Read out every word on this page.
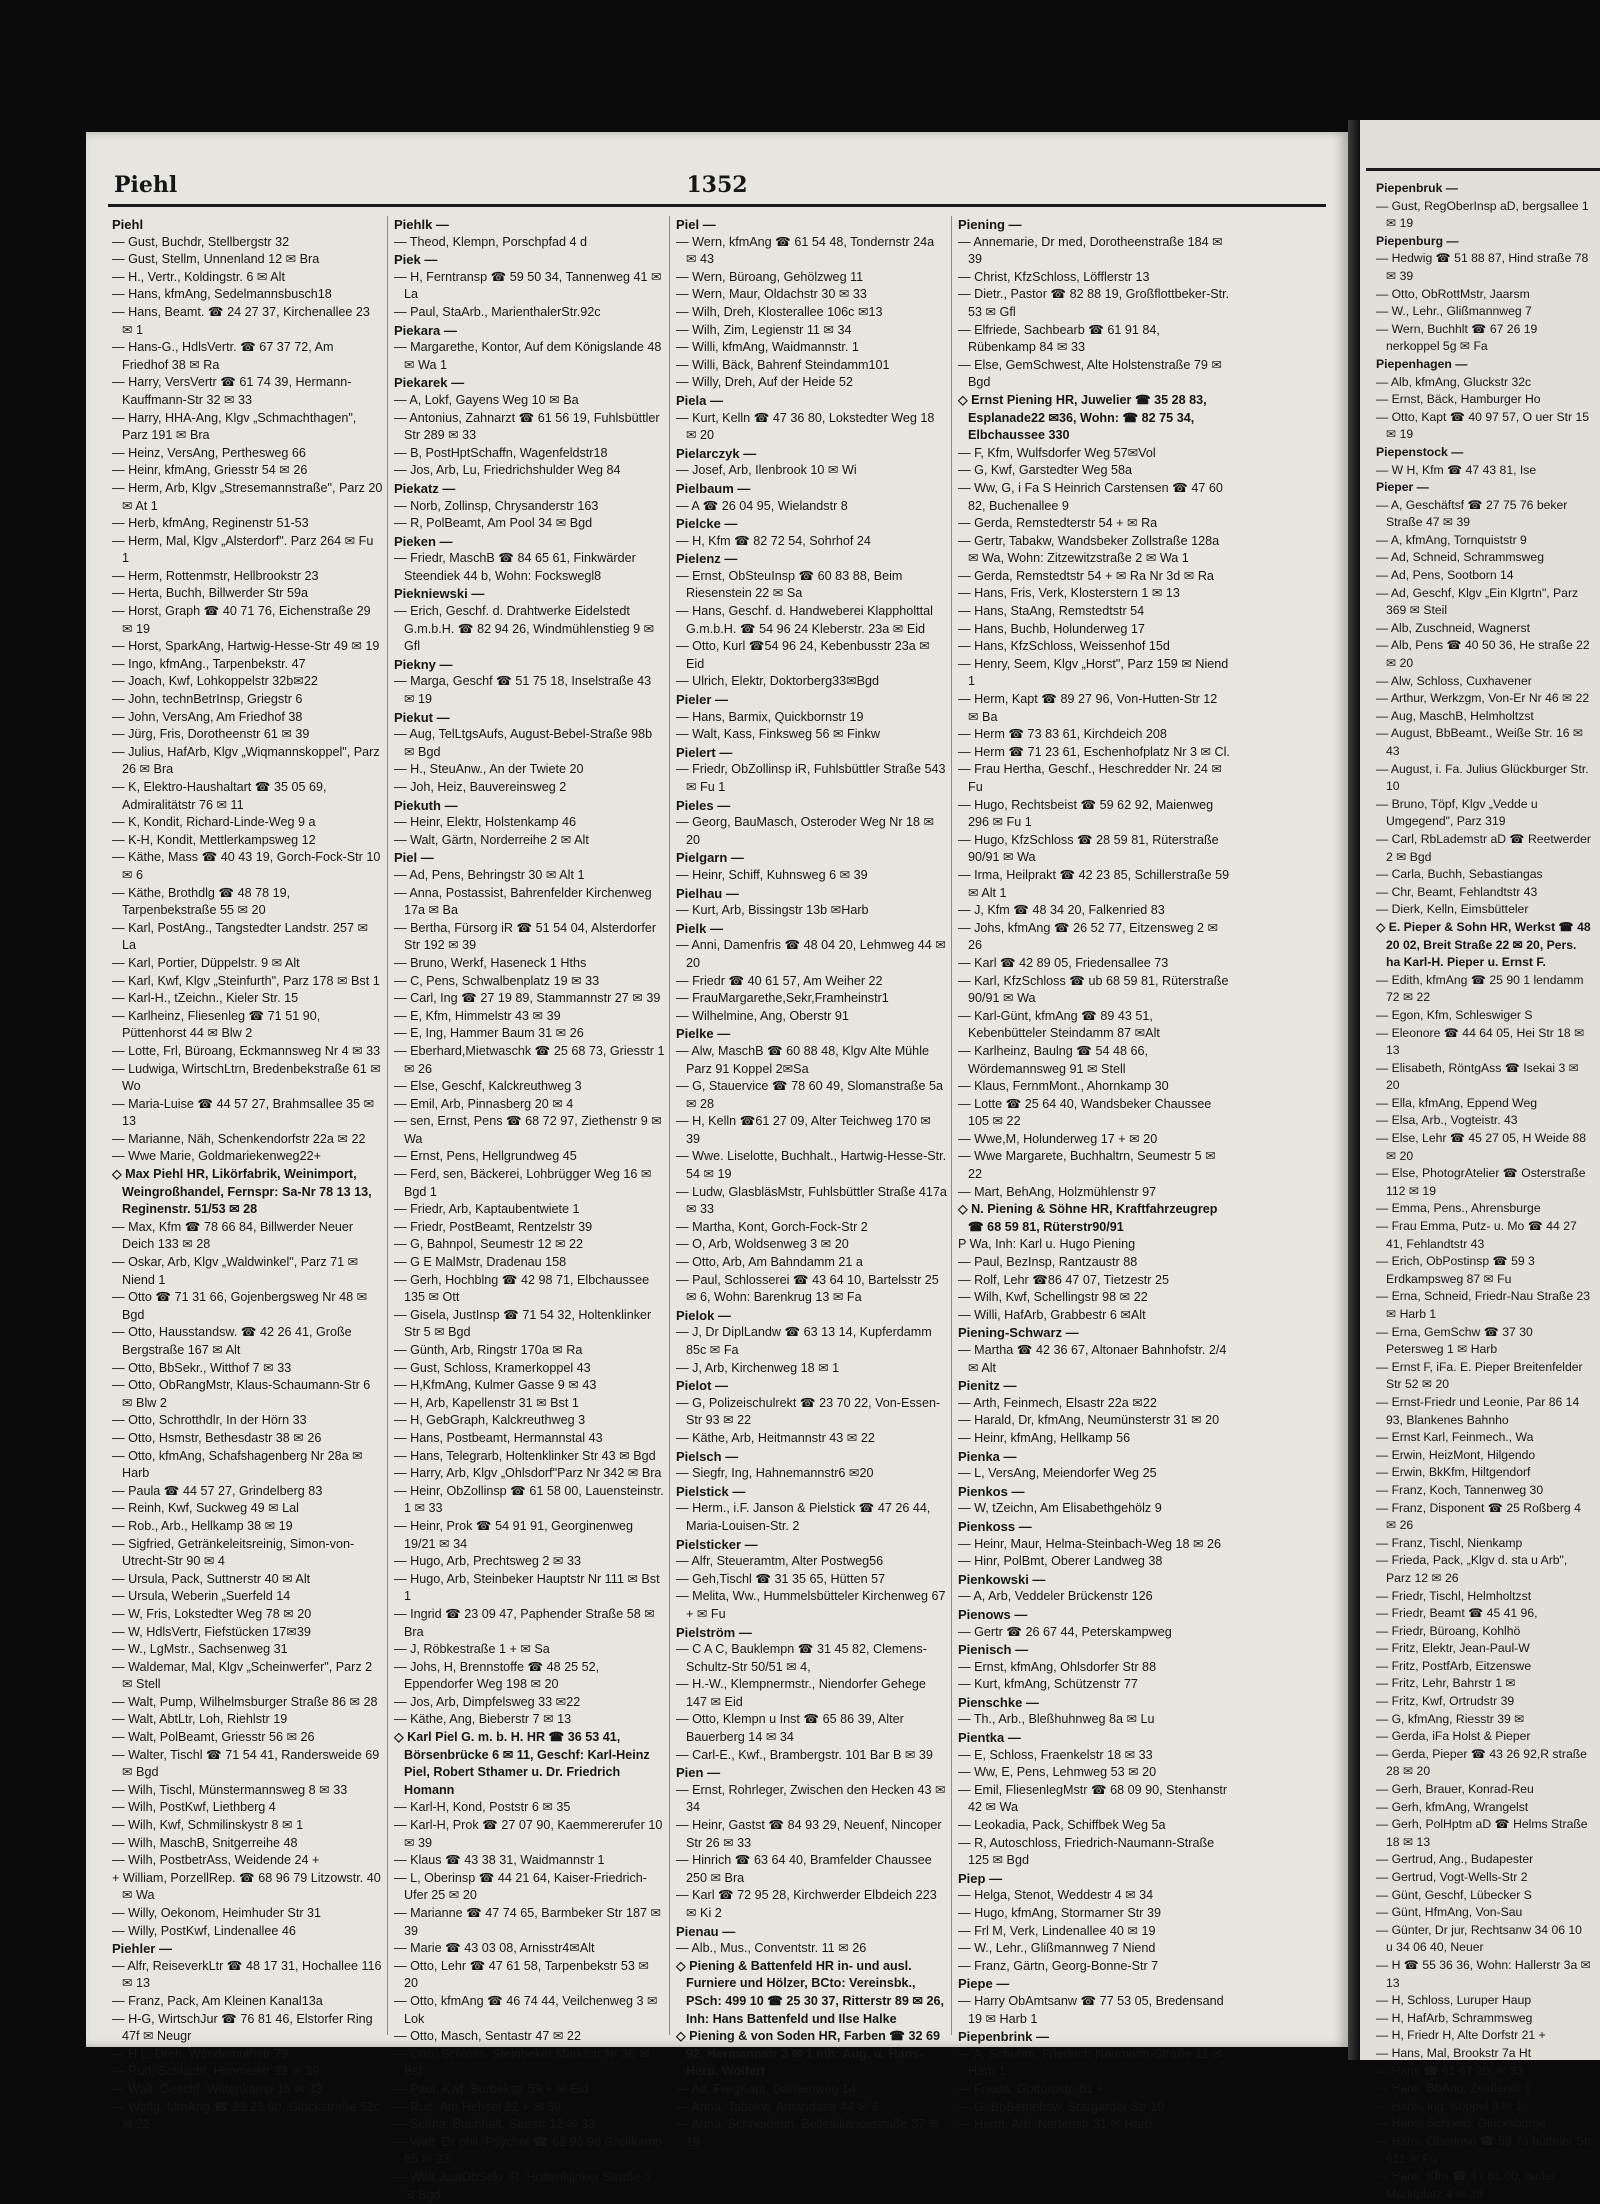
Piehl	1352

Piehl

— Gust, Buchdr, Stellbergstr 32

— Gust, Stellm, Unnenland 12 ✉ Bra

— H., Vertr., Koldingstr. 6 ✉ Alt

— Hans, kfmAng, Sedelmannsbusch18

— Hans, Beamt. ☎ 24 27 37, Kirchenallee 23 ✉ 1

— Hans-G., HdlsVertr. ☎ 67 37 72, Am Friedhof 38 ✉ Ra

— Harry, VersVertr ☎ 61 74 39, Hermann-Kauffmann-Str 32 ✉ 33

— Harry, HHA-Ang, Klgv „Schmachthagen", Parz 191 ✉ Bra

— Heinz, VersAng, Perthesweg 66

— Heinr, kfmAng, Griesstr 54 ✉ 26

— Herm, Arb, Klgv „Stresemannstraße", Parz 20 ✉ At 1

— Herb, kfmAng, Reginenstr 51-53

— Herm, Mal, Klgv „Alsterdorf". Parz 264 ✉ Fu 1

— Herm, Rottenmstr, Hellbrookstr 23

— Herta, Buchh, Billwerder Str 59a

— Horst, Graph ☎ 40 71 76, Eichenstraße 29 ✉ 19

— Horst, SparkAng, Hartwig-Hesse-Str 49 ✉ 19

— Ingo, kfmAng., Tarpenbekstr. 47

— Joach, Kwf, Lohkoppelstr 32b✉22

— John, technBetrInsp, Griegstr 6

— John, VersAng, Am Friedhof 38

— Jürg, Fris, Dorotheenstr 61 ✉ 39

— Julius, HafArb, Klgv „Wiqmannskoppel", Parz 26 ✉ Bra

— K, Elektro-Haushaltart ☎ 35 05 69, Admiralitätstr 76 ✉ 11

— K, Kondit, Richard-Linde-Weg 9 a

— K-H, Kondit, Mettlerkampsweg 12

— Käthe, Mass ☎ 40 43 19, Gorch-Fock-Str 10 ✉ 6

— Käthe, Brothdlg ☎ 48 78 19, Tarpenbekstraße 55 ✉ 20

— Karl, PostAng., Tangstedter Landstr. 257 ✉ La

— Karl, Portier, Düppelstr. 9 ✉ Alt

— Karl, Kwf, Klgv „Steinfurth", Parz 178 ✉ Bst 1

— Karl-H., tZeichn., Kieler Str. 15

— Karlheinz, Fliesenleg ☎ 71 51 90, Püttenhorst 44 ✉ Blw 2

— Lotte, Frl, Büroang, Eckmannsweg Nr 4 ✉ 33

— Ludwiga, WirtschLtrn, Bredenbekstraße 61 ✉ Wo

— Maria-Luise ☎ 44 57 27, Brahmsallee 35 ✉ 13

— Marianne, Näh, Schenkendorfstr 22a ✉ 22

— Wwe Marie, Goldmariekenweg22+

◇ Max Piehl HR, Likörfabrik, Weinimport, Weingroßhandel, Fernspr: Sa-Nr 78 13 13, Reginenstr. 51/53 ✉ 28

— Max, Kfm ☎ 78 66 84, Billwerder Neuer Deich 133 ✉ 28

— Oskar, Arb, Klgv „Waldwinkel", Parz 71 ✉ Niend 1

— Otto ☎ 71 31 66, Gojenbergsweg Nr 48 ✉ Bgd

— Otto, Hausstandsw. ☎ 42 26 41, Große Bergstraße 167 ✉ Alt

— Otto, BbSekr., Witthof 7 ✉ 33

— Otto, ObRangMstr, Klaus-Schaumann-Str 6 ✉ Blw 2

— Otto, Schrotthdlr, In der Hörn 33

— Otto, Hsmstr, Bethesdastr 38 ✉ 26

— Otto, kfmAng, Schafshagenberg Nr 28a ✉ Harb

— Paula ☎ 44 57 27, Grindelberg 83

— Reinh, Kwf, Suckweg 49 ✉ Lal

— Rob., Arb., Hellkamp 38 ✉ 19

— Sigfried, Getränkeleitsreinig, Simon-von-Utrecht-Str 90 ✉ 4

— Ursula, Pack, Suttnerstr 40 ✉ Alt

— Ursula, Weberin „Suerfeld 14

— W, Fris, Lokstedter Weg 78 ✉ 20

— W, HdlsVertr, Fiefstücken 17✉39

— W., LgMstr., Sachsenweg 31

— Waldemar, Mal, Klgv „Scheinwerfer", Parz 2 ✉ Stell

— Walt, Pump, Wilhelmsburger Straße 86 ✉ 28

— Walt, AbtLtr, Loh, Riehlstr 19

— Walt, PolBeamt, Griesstr 56 ✉ 26

— Walter, Tischl ☎ 71 54 41, Randersweide 69 ✉ Bgd

— Wilh, Tischl, Münstermannsweg 8 ✉ 33

— Wilh, PostKwf, Liethberg 4

— Wilh, Kwf, Schmilinskystr 8 ✉ 1

— Wilh, MaschB, Snitgerreihe 48

— Wilh, PostbetrAss, Weidende 24 +

+ William, PorzellRep. ☎ 68 96 79 Litzowstr. 40 ✉ Wa

— Willy, Oekonom, Heimhuder Str 31

— Willy, PostKwf, Lindenallee 46

Piehler —

— Alfr, ReiseverkLtr ☎ 48 17 31, Hochallee 116 ✉ 13

— Franz, Pack, Am Kleinen Kanal13a

— H-G, WirtschJur ☎ 76 81 46, Elstorfer Ring 47f ✉ Neugr

— H L, Dreh, Wendemuthstr 79

— Rud, Schlacht, Himmelstr 33 ✉ 39

— Walt, Geschf, Wittenkamp 18 ✉ 33

— Wolfg, kfmAng ☎ 22 23 90, Gluckstraße 52c ✉ 22

Piehlk —

— Theod, Klempn, Porschpfad 4 d

Piek —

— H, Ferntransp ☎ 59 50 34, Tannenweg 41 ✉ La

— Paul, StaArb., MarienthalerStr.92c

Piekara —

— Margarethe, Kontor, Auf dem Königslande 48 ✉ Wa 1

Piekarek —

— A, Lokf, Gayens Weg 10 ✉ Ba

— Antonius, Zahnarzt ☎ 61 56 19, Fuhlsbüttler Str 289 ✉ 33

— B, PostHptSchaffn, Wagenfeldstr18

— Jos, Arb, Lu, Friedrichshulder Weg 84

Piekatz —

— Norb, Zollinsp, Chrysanderstr 163

— R, PolBeamt, Am Pool 34 ✉ Bgd

Pieken —

— Friedr, MaschB ☎ 84 65 61, Finkwärder Steendiek 44 b, Wohn: Fockswegl8

Piekniewski —

— Erich, Geschf. d. Drahtwerke Eidelstedt G.m.b.H. ☎ 82 94 26, Windmühlenstieg 9 ✉ Gfl

Piekny —

— Marga, Geschf ☎ 51 75 18, Inselstraße 43 ✉ 19

Piekut —

— Aug, TelLtgsAufs, August-Bebel-Straße 98b ✉ Bgd

— H., SteuAnw., An der Twiete 20

— Joh, Heiz, Bauvereinsweg 2

Piekuth —

— Heinr, Elektr, Holstenkamp 46

— Walt, Gärtn, Norderreihe 2 ✉ Alt

Piel —

— Ad, Pens, Behringstr 30 ✉ Alt 1

— Anna, Postassist, Bahrenfelder Kirchenweg 17a ✉ Ba

— Bertha, Fürsorg iR ☎ 51 54 04, Alsterdorfer Str 192 ✉ 39

— Bruno, Werkf, Haseneck 1 Hths

— C, Pens, Schwalbenplatz 19 ✉ 33

— Carl, Ing ☎ 27 19 89, Stammannstr 27 ✉ 39

— E, Kfm, Himmelstr 43 ✉ 39

— E, Ing, Hammer Baum 31 ✉ 26

— Eberhard,Mietwaschk ☎ 25 68 73, Griesstr 1 ✉ 26

— Else, Geschf, Kalckreuthweg 3

— Emil, Arb, Pinnasberg 20 ✉ 4

— sen, Ernst, Pens ☎ 68 72 97, Ziethenstr 9 ✉ Wa

— Ernst, Pens, Hellgrundweg 45

— Ferd, sen, Bäckerei, Lohbrügger Weg 16 ✉ Bgd 1

— Friedr, Arb, Kaptaubentwiete 1

— Friedr, PostBeamt, Rentzelstr 39

— G, Bahnpol, Seumestr 12 ✉ 22

— G E MalMstr, Dradenau 158

— Gerh, Hochblng ☎ 42 98 71, Elbchaussee 135 ✉ Ott

— Gisela, JustInsp ☎ 71 54 32, Holtenklinker Str 5 ✉ Bgd

— Günth, Arb, Ringstr 170a ✉ Ra

— Gust, Schloss, Kramerkoppel 43

— H,KfmAng, Kulmer Gasse 9 ✉ 43

— H, Arb, Kapellenstr 31 ✉ Bst 1

— H, GebGraph, Kalckreuthweg 3

— Hans, Postbeamt, Hermannstal 43

— Hans, Telegrarb, Holtenklinker Str 43 ✉ Bgd

— Harry, Arb, Klgv „Ohlsdorf"Parz Nr 342 ✉ Bra

— Heinr, ObZollinsp ☎ 61 58 00, Lauensteinstr. 1 ✉ 33

— Heinr, Prok ☎ 54 91 91, Georginenweg 19/21 ✉ 34

— Hugo, Arb, Prechtsweg 2 ✉ 33

— Hugo, Arb, Steinbeker Hauptstr Nr 111 ✉ Bst 1

— Ingrid ☎ 23 09 47, Paphender Straße 58 ✉ Bra

— J, Röbkestraße 1 + ✉ Sa

— Johs, H, Brennstoffe ☎ 48 25 52, Eppendorfer Weg 198 ✉ 20

— Jos, Arb, Dimpfelsweg 33 ✉22

— Käthe, Ang, Bieberstr 7 ✉ 13

◇ Karl Piel G. m. b. H. HR ☎ 36 53 41, Börsenbrücke 6 ✉ 11, Geschf: Karl-Heinz Piel, Robert Sthamer u. Dr. Friedrich Homann

— Karl-H, Kond, Poststr 6 ✉ 35

— Karl-H, Prok ☎ 27 07 90, Kaemmererufer 10 ✉ 39

— Klaus ☎ 43 38 31, Waidmannstr 1

— L, Oberinsp ☎ 44 21 64, Kaiser-Friedrich-Ufer 25 ✉ 20

— Marianne ☎ 47 74 65, Barmbeker Str 187 ✉ 39

— Marie ☎ 43 03 08, Arnisstr4✉Alt

— Otto, Lehr ☎ 47 61 58, Tarpenbekstr 53 ✉ 20

— Otto, kfmAng ☎ 46 74 44, Veilchenweg 3 ✉ Lok

— Otto, Masch, Sentastr 47 ✉ 22

— Otto, Schloss, Steinbeker Marktstr Nr 36 ✉ Bst

— Paul, Kwf, Burbekstr 59 + ✉ Eid

— Rud, Am Hehsel 22 + ✉ 39

— Selma, Buchhalt, Starstr 12 ✉ 33

— Walt, Dr phil, Psychol ☎ 61 96 96 Grellkamp 65 ✉ 33

— Walt,JustObSekr iR, Holtenklinker Straße 5 ✉ Bgd

Piel —

— Wern, kfmAng ☎ 61 54 48, Tondernstr 24a ✉ 43

— Wern, Büroang, Gehölzweg 11

— Wern, Maur, Oldachstr 30 ✉ 33

— Wilh, Dreh, Klosterallee 106c ✉13

— Wilh, Zim, Legienstr 11 ✉ 34

— Willi, kfmAng, Waidmannstr. 1

— Willi, Bäck, Bahrenf Steindamm101

— Willy, Dreh, Auf der Heide 52

Piela —

— Kurt, Kelln ☎ 47 36 80, Lokstedter Weg 18 ✉ 20

Pielarczyk —

— Josef, Arb, Ilenbrook 10 ✉ Wi

Pielbaum —

— A ☎ 26 04 95, Wielandstr 8

Pielcke —

— H, Kfm ☎ 82 72 54, Sohrhof 24

Pielenz —

— Ernst, ObSteuInsp ☎ 60 83 88, Beim Riesenstein 22 ✉ Sa

— Hans, Geschf. d. Handweberei Klappholttal G.m.b.H. ☎ 54 96 24 Kleberstr. 23a ✉ Eid

— Otto, Kurl ☎54 96 24, Kebenbusstr 23a ✉ Eid

— Ulrich, Elektr, Doktorberg33✉Bgd

Pieler —

— Hans, Barmix, Quickbornstr 19

— Walt, Kass, Finksweg 56 ✉ Finkw

Pielert —

— Friedr, ObZollinsp iR, Fuhlsbüttler Straße 543 ✉ Fu 1

Pieles —

— Georg, BauMasch, Osteroder Weg Nr 18 ✉ 20

Pielgarn —

— Heinr, Schiff, Kuhnsweg 6 ✉ 39

Pielhau —

— Kurt, Arb, Bissingstr 13b ✉Harb

Pielk —

— Anni, Damenfris ☎ 48 04 20, Lehmweg 44 ✉ 20

— Friedr ☎ 40 61 57, Am Weiher 22

— FrauMargarethe,Sekr,Framheinstr1

— Wilhelmine, Ang, Oberstr 91

Pielke —

— Alw, MaschB ☎ 60 88 48, Klgv Alte Mühle Parz 91 Koppel 2✉Sa

— G, Stauervice ☎ 78 60 49, Slomanstraße 5a ✉ 28

— H, Kelln ☎61 27 09, Alter Teichweg 170 ✉ 39

— Wwe. Liselotte, Buchhalt., Hartwig-Hesse-Str. 54 ✉ 19

— Ludw, GlasbläsMstr, Fuhlsbüttler Straße 417a ✉ 33

— Martha, Kont, Gorch-Fock-Str 2

— O, Arb, Woldsenweg 3 ✉ 20

— Otto, Arb, Am Bahndamm 21 a

— Paul, Schlosserei ☎ 43 64 10, Bartelsstr 25 ✉ 6, Wohn: Barenkrug 13 ✉ Fa

Pielok —

— J, Dr DiplLandw ☎ 63 13 14, Kupferdamm 85c ✉ Fa

— J, Arb, Kirchenweg 18 ✉ 1

Pielot —

— G, Polizeischulrekt ☎ 23 70 22, Von-Essen-Str 93 ✉ 22

— Käthe, Arb, Heitmannstr 43 ✉ 22

Pielsch —

— Siegfr, Ing, Hahnemannstr6 ✉20

Pielstick —

— Herm., i.F. Janson & Pielstick ☎ 47 26 44, Maria-Louisen-Str. 2

Pielsticker —

— Alfr, Steueramtm, Alter Postweg56

— Geh,Tischl ☎ 31 35 65, Hütten 57

— Melita, Ww., Hummelsbütteler Kirchenweg 67 + ✉ Fu

Pielström —

— C A C, Bauklempn ☎ 31 45 82, Clemens-Schultz-Str 50/51 ✉ 4,

— H.-W., Klempnermstr., Niendorfer Gehege 147 ✉ Eid

— Otto, Klempn u Inst ☎ 65 86 39, Alter Bauerberg 14 ✉ 34

— Carl-E., Kwf., Brambergstr. 101 Bar B ✉ 39

Pien —

— Ernst, Rohrleger, Zwischen den Hecken 43 ✉ 34

— Heinr, Gastst ☎ 84 93 29, Neuenf, Nincoper Str 26 ✉ 33

— Hinrich ☎ 63 64 40, Bramfelder Chaussee 250 ✉ Bra

— Karl ☎ 72 95 28, Kirchwerder Elbdeich 223 ✉ Ki 2

Pienau —

— Alb., Mus., Conventstr. 11 ✉ 26

◇ Piening & Battenfeld HR in- und ausl. Furniere und Hölzer, BCto: Vereinsbk., PSch: 499 10 ☎ 25 30 37, Ritterstr 89 ✉ 26, Inh: Hans Battenfeld und Ilse Halke

◇ Piening & von Soden HR, Farben ☎ 32 69 92, Hermannstr 3 ✉ 1 Inh: Aug. u. Hans-Herb. Wölfert

— Ad, FregKapt, Dahlienweg 14

— Anna, Tabakw. Amandastr 44 ✉ 6

— Anna, Schneiderin, Bellealliancestraße 37 ✉ 19

Piening —

— Annemarie, Dr med, Dorotheenstraße 184 ✉ 39

— Christ, KfzSchloss, Löfflerstr 13

— Dietr., Pastor ☎ 82 88 19, Großflottbeker-Str. 53 ✉ Gfl

— Elfriede, Sachbearb ☎ 61 91 84, Rübenkamp 84 ✉ 33

— Else, GemSchwest, Alte Holstenstraße 79 ✉ Bgd

◇ Ernst Piening HR, Juwelier ☎ 35 28 83, Esplanade22 ✉36, Wohn: ☎ 82 75 34, Elbchaussee 330

— F, Kfm, Wulfsdorfer Weg 57✉Vol

— G, Kwf, Garstedter Weg 58a

— Ww, G, i Fa S Heinrich Carstensen ☎ 47 60 82, Buchenallee 9

— Gerda, Remstedterstr 54 + ✉ Ra

— Gertr, Tabakw, Wandsbeker Zollstraße 128a ✉ Wa, Wohn: Zitzewitzstraße 2 ✉ Wa 1

— Gerda, Remstedtstr 54 + ✉ Ra Nr 3d ✉ Ra

— Hans, Fris, Verk, Klosterstern 1 ✉ 13

— Hans, StaAng, Remstedtstr 54

— Hans, Buchb, Holunderweg 17

— Hans, KfzSchloss, Weissenhof 15d

— Henry, Seem, Klgv „Horst", Parz 159 ✉ Niend 1

— Herm, Kapt ☎ 89 27 96, Von-Hutten-Str 12 ✉ Ba

— Herm ☎ 73 83 61, Kirchdeich 208

— Herm ☎ 71 23 61, Eschenhofplatz Nr 3 ✉ Cl.

— Frau Hertha, Geschf., Heschredder Nr. 24 ✉ Fu

— Hugo, Rechtsbeist ☎ 59 62 92, Maienweg 296 ✉ Fu 1

— Hugo, KfzSchloss ☎ 28 59 81, Rüterstraße 90/91 ✉ Wa

— Irma, Heilprakt ☎ 42 23 85, Schillerstraße 59 ✉ Alt 1

— J, Kfm ☎ 48 34 20, Falkenried 83

— Johs, kfmAng ☎ 26 52 77, Eitzensweg 2 ✉ 26

— Karl ☎ 42 89 05, Friedensallee 73

— Karl, KfzSchloss ☎ ub 68 59 81, Rüterstraße 90/91 ✉ Wa

— Karl-Günt, kfmAng ☎ 89 43 51, Kebenbütteler Steindamm 87 ✉Alt

— Karlheinz, Baulng ☎ 54 48 66, Wördemannsweg 91 ✉ Stell

— Klaus, FernmMont., Ahornkamp 30

— Lotte ☎ 25 64 40, Wandsbeker Chaussee 105 ✉ 22

— Wwe,M, Holunderweg 17 + ✉ 20

— Wwe Margarete, Buchhaltrn, Seumestr 5 ✉ 22

— Mart, BehAng, Holzmühlenstr 97

◇ N. Piening & Söhne HR, Kraftfahrzeugrep ☎ 68 59 81, Rüterstr90/91

P Wa, Inh: Karl u. Hugo Piening

— Paul, BezInsp, Rantzaustr 88

— Rolf, Lehr ☎86 47 07, Tietzestr 25

— Wilh, Kwf, Schellingstr 98 ✉ 22

— Willi, HafArb, Grabbestr 6 ✉Alt

Piening-Schwarz —

— Martha ☎ 42 36 67, Altonaer Bahnhofstr. 2/4 ✉ Alt

Pienitz —

— Arth, Feinmech, Elsastr 22a ✉22

— Harald, Dr, kfmAng, Neumünsterstr 31 ✉ 20

— Heinr, kfmAng, Hellkamp 56

Pienka —

— L, VersAng, Meiendorfer Weg 25

Pienkos —

— W, tZeichn, Am Elisabethgehölz 9

Pienkoss —

— Heinr, Maur, Helma-Steinbach-Weg 18 ✉ 26

— Hinr, PolBmt, Oberer Landweg 38

Pienkowski —

— A, Arb, Veddeler Brückenstr 126

Pienows —

— Gertr ☎ 26 67 44, Peterskampweg

Pienisch —

— Ernst, kfmAng, Ohlsdorfer Str 88

— Kurt, kfmAng, Schützenstr 77

Pienschke —

— Th., Arb., Bleßhuhnweg 8a ✉ Lu

Pientka —

— E, Schloss, Fraenkelstr 18 ✉ 33

— Ww, E, Pens, Lehmweg 53 ✉ 20

— Emil, FliesenlegMstr ☎ 68 09 90, Stenhanstr 42 ✉ Wa

— Leokadia, Pack, Schiffbek Weg 5a

— R, Autoschloss, Friedrich-Naumann-Straße 125 ✉ Bgd

Piep —

— Helga, Stenot, Weddestr 4 ✉ 34

— Hugo, kfmAng, Stormarner Str 39

— Frl M, Verk, Lindenallee 40 ✉ 19

— W., Lehr., Glißmannweg 7 Niend

— Franz, Gärtn, Georg-Bonne-Str 7

Piepe —

— Harry ObAmtsanw ☎ 77 53 05, Bredensand 19 ✉ Harb 1

Piepenbrink —

— A, Schuhm, Friedrich-Naumann-Straße 11 ✉ Harb 1

— Frieda, Gottorpstr. 61 +

— G. BbBetriebsw, Stargarder Str 10

— Herm, Arb, Nartenstr 31 ✉ Harb

Piepenbruk —

— Gust, RegOberInsp aD, bergsallee 1 ✉ 19

Piepenburg —

— Hedwig ☎ 51 88 87, Hind straße 78 ✉ 39

— Otto, ObRottMstr, Jaarsm

— W., Lehr., Glißmannweg 7

— Wern, Buchhlt ☎ 67 26 19 nerkoppel 5g ✉ Fa

Piepenhagen —

— Alb, kfmAng, Gluckstr 32c

— Ernst, Bäck, Hamburger Ho

— Otto, Kapt ☎ 40 97 57, O uer Str 15 ✉ 19

Piepenstock —

— W H, Kfm ☎ 47 43 81, Ise

Pieper —

— A, Geschäftsf ☎ 27 75 76 beker Straße 47 ✉ 39

— A, kfmAng, Tornquiststr 9

— Ad, Schneid, Schrammsweg

— Ad, Pens, Sootborn 14

— Ad, Geschf, Klgv „Ein Klgrtn", Parz 369 ✉ Steil

— Alb, Zuschneid, Wagnerst

— Alb, Pens ☎ 40 50 36, He straße 22 ✉ 20

— Alw, Schloss, Cuxhavener

— Arthur, Werkzgm, Von-Er Nr 46 ✉ 22

— Aug, MaschB, Helmholtzst

— August, BbBeamt., Weiße Str. 16 ✉ 43

— August, i. Fa. Julius Glückburger Str. 10

— Bruno, Töpf, Klgv „Vedde u Umgegend", Parz 319

— Carl, RbLademstr aD ☎ Reetwerder 2 ✉ Bgd

— Carla, Buchh, Sebastiangas

— Chr, Beamt, Fehlandtstr 43

— Dierk, Kelln, Eimsbütteler

◇ E. Pieper & Sohn HR, Werkst ☎ 48 20 02, Breit Straße 22 ✉ 20, Pers. ha Karl-H. Pieper u. Ernst F.

— Edith, kfmAng ☎ 25 90 1 lendamm 72 ✉ 22

— Egon, Kfm, Schleswiger S

— Eleonore ☎ 44 64 05, Hei Str 18 ✉ 13

— Elisabeth, RöntgAss ☎ Isekai 3 ✉ 20

— Ella, kfmAng, Eppend Weg

— Elsa, Arb., Vogteistr. 43

— Else, Lehr ☎ 45 27 05, H Weide 88 ✉ 20

— Else, PhotogrAtelier ☎ Osterstraße 112 ✉ 19

— Emma, Pens., Ahrensburge

— Frau Emma, Putz- u. Mo ☎ 44 27 41, Fehlandtstr 43

— Erich, ObPostinsp ☎ 59 3 Erdkampsweg 87 ✉ Fu

— Erna, Schneid, Friedr-Nau Straße 23 ✉ Harb 1

— Erna, GemSchw ☎ 37 30 Petersweg 1 ✉ Harb

— Ernst F, iFa. E. Pieper Breitenfelder Str 52 ✉ 20

— Ernst-Friedr und Leonie, Par 86 14 93, Blankenes Bahnho

— Ernst Karl, Feinmech., Wa

— Erwin, HeizMont, Hilgendo

— Erwin, BkKfm, Hiltgendorf

— Franz, Koch, Tannenweg 30

— Franz, Disponent ☎ 25 Roßberg 4 ✉ 26

— Franz, Tischl, Nienkamp

— Frieda, Pack, „Klgv d. sta u Arb", Parz 12 ✉ 26

— Friedr, Tischl, Helmholtzst

— Friedr, Beamt ☎ 45 41 96,

— Friedr, Büroang, Kohlhö

— Fritz, Elektr, Jean-Paul-W

— Fritz, PostfArb, Eitzenswe

— Fritz, Lehr, Bahrstr 1 ✉

— Fritz, Kwf, Ortrudstr 39

— G, kfmAng, Riesstr 39 ✉

— Gerda, iFa Holst & Pieper

— Gerda, Pieper ☎ 43 26 92,R straße 28 ✉ 20

— Gerh, Brauer, Konrad-Reu

— Gerh, kfmAng, Wrangelst

— Gerh, PolHptm aD ☎ Helms Straße 18 ✉ 13

— Gertrud, Ang., Budapester

— Gertrud, Vogt-Wells-Str 2

— Günt, Geschf, Lübecker S

— Günt, HfmAng, Von-Sau

— Günter, Dr jur, Rechtsanw 34 06 10 u 34 06 40, Neuer

— H ☎ 55 36 36, Wohn: Hallerstr 3a ✉ 13

— H, Schloss, Luruper Haup

— H, HafArb, Schrammsweg

— H, Friedr H, Alte Dorfstr 21 +

— Hans, Mal, Brookstr 7a Ht

— Hans ☎ 61 67 20, ✉ 33

— Hans, BbAng, Zeidlerstr 1

— Hans, Ing, Koppel 8 ✉ 1

— Hans, Schneid, Glücksburge

— Hans, Oberinsp ☎ 59 73 bütteler Str 611 ✉ Fu

— Hans, Kfm ☎ 47 61 00, huder Marktplatz 4 ✉ 39
